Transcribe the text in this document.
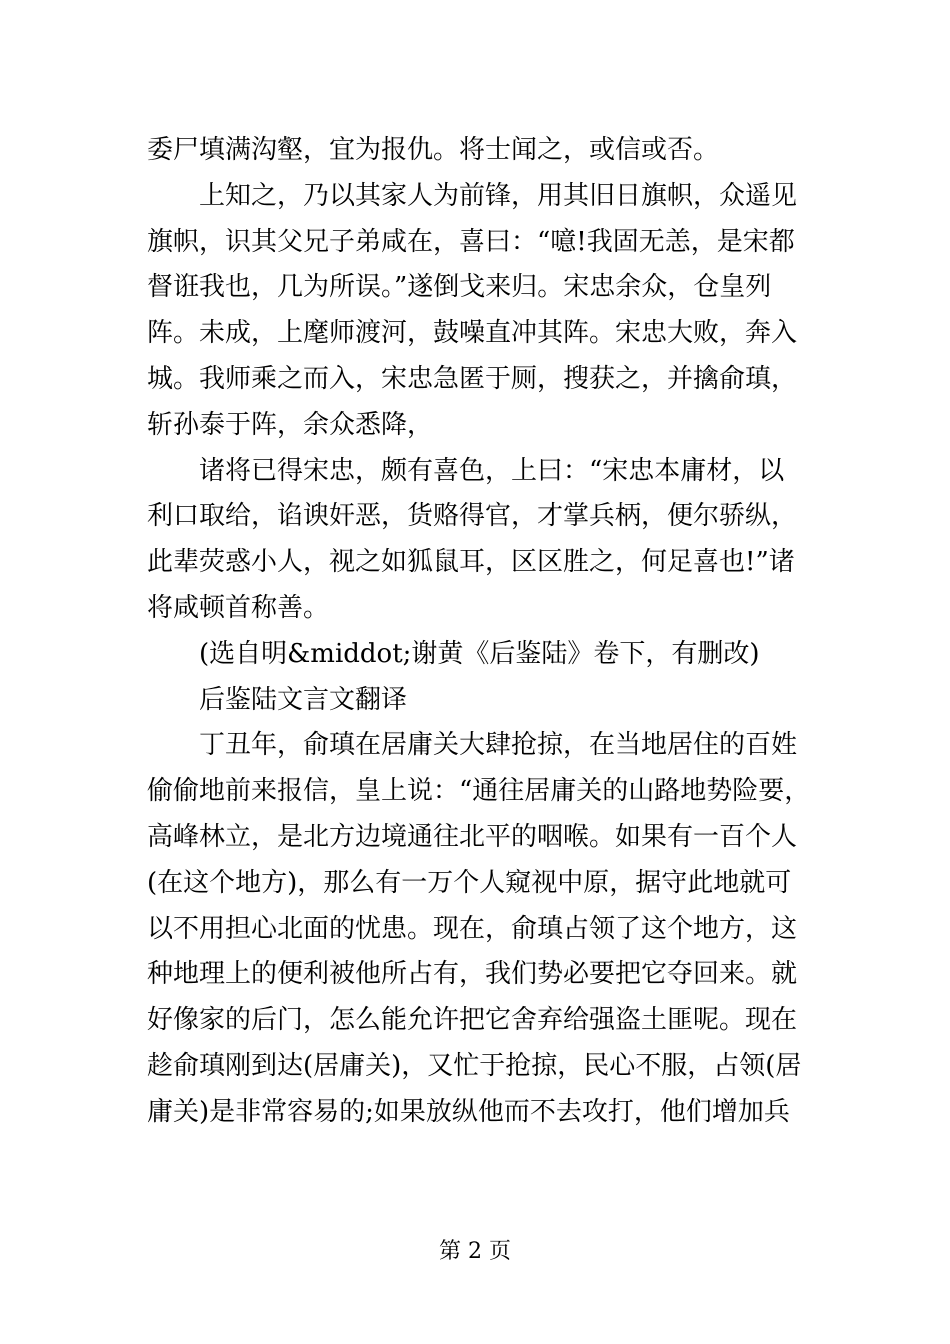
委尸填满沟壑，宜为报仇。将士闻之，或信或否。
上知之，乃以其家人为前锋，用其旧日旗帜，众遥见
旗帜，识其父兄子弟咸在，喜曰：“噫!我固无恙，是宋都
督诳我也，几为所误。”遂倒戈来归。宋忠余众，仓皇列
阵。未成，上麾师渡河，鼓噪直冲其阵。宋忠大败，奔入
城。我师乘之而入，宋忠急匿于厕，搜获之，并擒俞瑱，
斩孙泰于阵，余众悉降，
诸将已得宋忠，颇有喜色，上曰：“宋忠本庸材，以
利口取给，谄谀奸恶，货赂得官，才掌兵柄，便尔骄纵，
此辈荧惑小人，视之如狐鼠耳，区区胜之，何足喜也!”诸
将咸顿首称善。
(选自明&middot;谢黄《后鉴陆》卷下，有删改)
后鉴陆文言文翻译
丁丑年，俞瑱在居庸关大肆抢掠，在当地居住的百姓
偷偷地前来报信，皇上说：“通往居庸关的山路地势险要，
高峰林立，是北方边境通往北平的咽喉。如果有一百个人
(在这个地方)，那么有一万个人窥视中原，据守此地就可
以不用担心北面的忧患。现在，俞瑱占领了这个地方，这
种地理上的便利被他所占有，我们势必要把它夺回来。就
好像家的后门，怎么能允许把它舍弃给强盗土匪呢。现在
趁俞瑱刚到达(居庸关)，又忙于抢掠，民心不服，占领(居
庸关)是非常容易的;如果放纵他而不去攻打，他们增加兵
第 2 页
